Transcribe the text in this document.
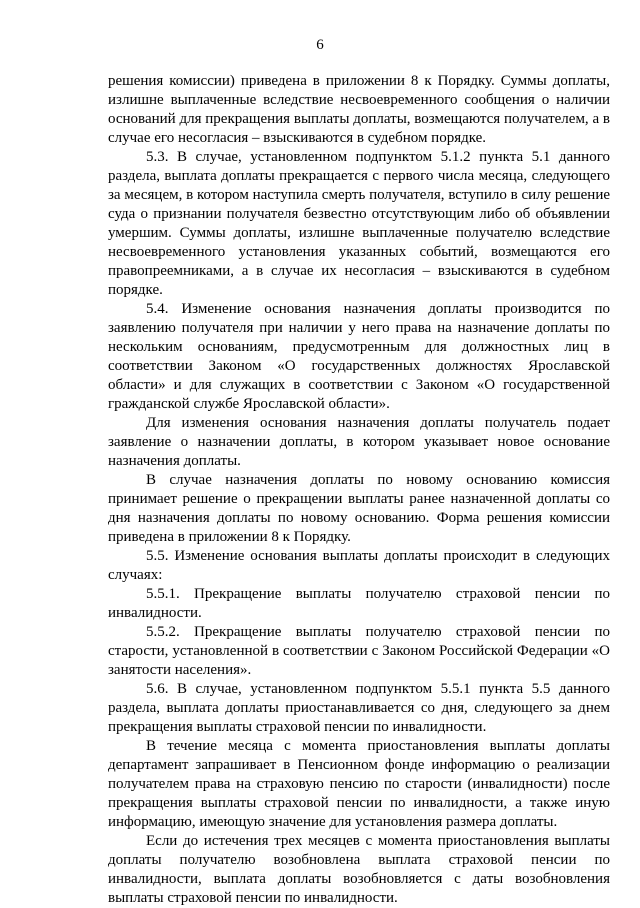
6

решения комиссии) приведена в приложении 8 к Порядку. Суммы доплаты, излишне выплаченные вследствие несвоевременного сообщения о наличии оснований для прекращения выплаты доплаты, возмещаются получателем, а в случае его несогласия – взыскиваются в судебном порядке.

5.3. В случае, установленном подпунктом 5.1.2 пункта 5.1 данного раздела, выплата доплаты прекращается с первого числа месяца, следующего за месяцем, в котором наступила смерть получателя, вступило в силу решение суда о признании получателя безвестно отсутствующим либо об объявлении умершим. Суммы доплаты, излишне выплаченные получателю вследствие несвоевременного установления указанных событий, возмещаются его правопреемниками, а в случае их несогласия – взыскиваются в судебном порядке.

5.4. Изменение основания назначения доплаты производится по заявлению получателя при наличии у него права на назначение доплаты по нескольким основаниям, предусмотренным для должностных лиц в соответствии Законом «О государственных должностях Ярославской области» и для служащих в соответствии с Законом «О государственной гражданской службе Ярославской области».

Для изменения основания назначения доплаты получатель подает заявление о назначении доплаты, в котором указывает новое основание назначения доплаты.

В случае назначения доплаты по новому основанию комиссия принимает решение о прекращении выплаты ранее назначенной доплаты со дня назначения доплаты по новому основанию. Форма решения комиссии приведена в приложении 8 к Порядку.

5.5. Изменение основания выплаты доплаты происходит в следующих случаях:

5.5.1. Прекращение выплаты получателю страховой пенсии по инвалидности.

5.5.2. Прекращение выплаты получателю страховой пенсии по старости, установленной в соответствии с Законом Российской Федерации «О занятости населения».

5.6. В случае, установленном подпунктом 5.5.1 пункта 5.5 данного раздела, выплата доплаты приостанавливается со дня, следующего за днем прекращения выплаты страховой пенсии по инвалидности.

В течение месяца с момента приостановления выплаты доплаты департамент запрашивает в Пенсионном фонде информацию о реализации получателем права на страховую пенсию по старости (инвалидности) после прекращения выплаты страховой пенсии по инвалидности, а также иную информацию, имеющую значение для установления размера доплаты.

Если до истечения трех месяцев с момента приостановления выплаты доплаты получателю возобновлена выплата страховой пенсии по инвалидности, выплата доплаты возобновляется с даты возобновления выплаты страховой пенсии по инвалидности.
